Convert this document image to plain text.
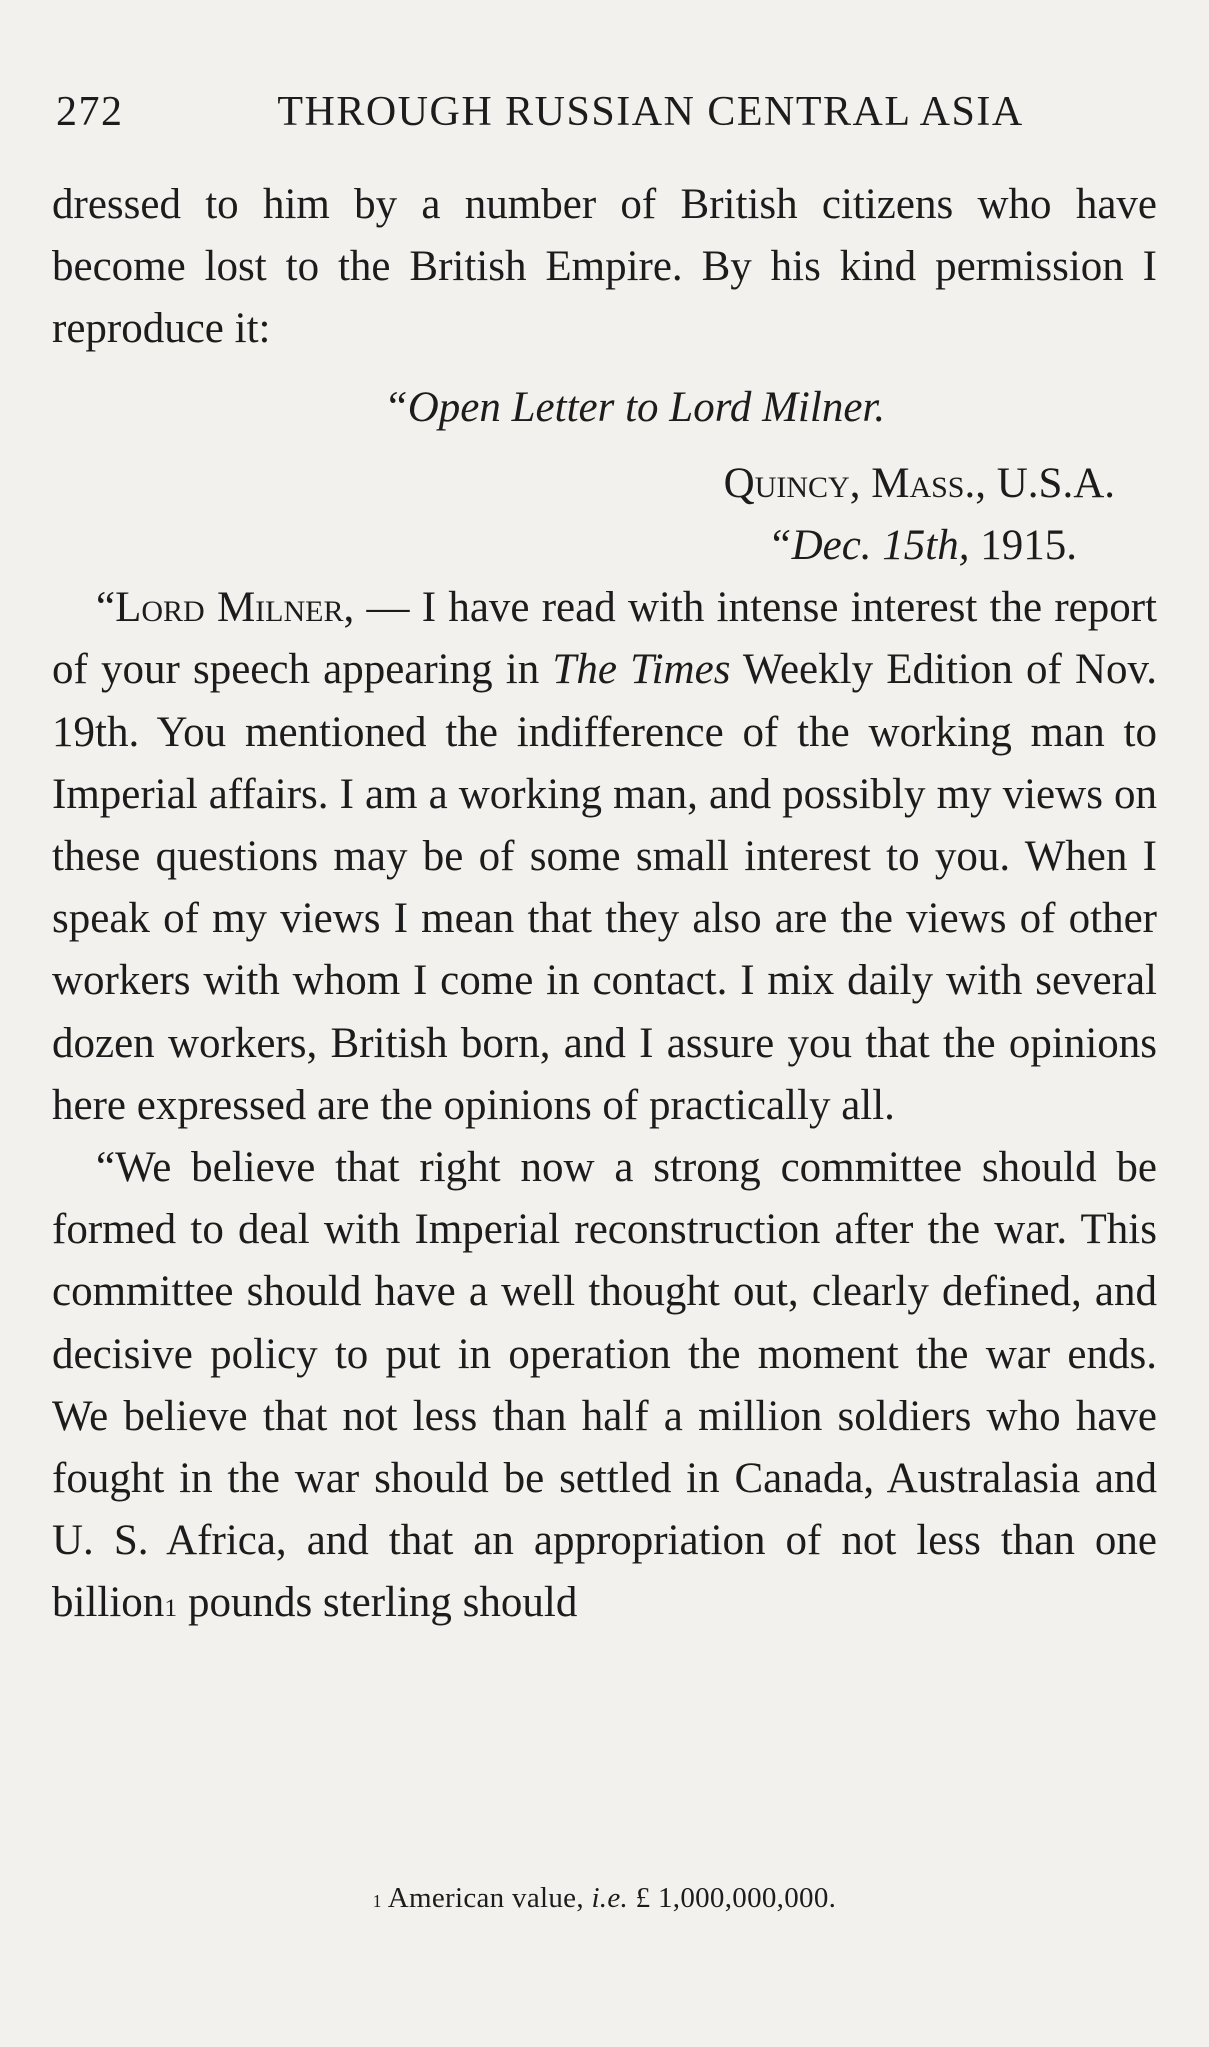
272	THROUGH RUSSIAN CENTRAL ASIA

dressed to him by a number of British citizens who have become lost to the British Empire. By his kind permission I reproduce it:

“Open Letter to Lord Milner.

Quincy, Mass., U.S.A.

“Dec. 15th, 1915.

“Lord Milner, — I have read with intense interest the report of your speech appearing in The Times Weekly Edition of Nov. 19th. You mentioned the indifference of the working man to Imperial affairs. I am a working man, and possibly my views on these questions may be of some small interest to you. When I speak of my views I mean that they also are the views of other workers with whom I come in contact. I mix daily with several dozen workers, British born, and I assure you that the opinions here expressed are the opinions of practically all.

“We believe that right now a strong committee should be formed to deal with Imperial reconstruction after the war. This committee should have a well thought out, clearly defined, and decisive policy to put in operation the moment the war ends. We believe that not less than half a million soldiers who have fought in the war should be settled in Canada, Australasia and U. S. Africa, and that an appropriation of not less than one billion$^1$ pounds sterling should

$^1$ American value, i.e. £ 1,000,000,000.
